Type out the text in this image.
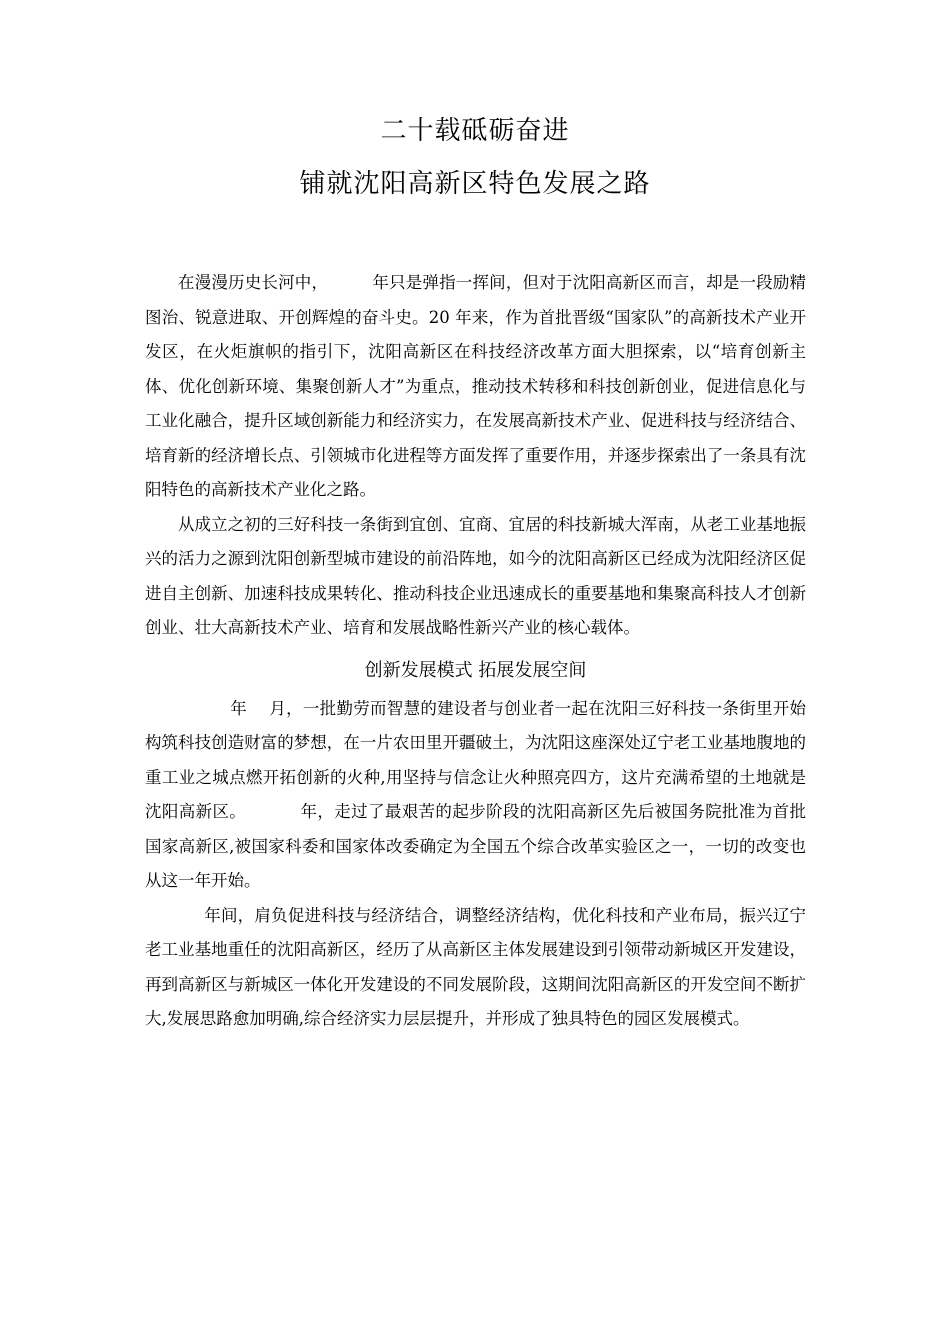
二十载砥砺奋进
铺就沈阳高新区特色发展之路

在漫漫历史长河中，	年只是弹指一挥间，但对于沈阳高新区而言，却是一段励精图治、锐意进取、开创辉煌的奋斗史。20 年来，作为首批晋级“国家队”的高新技术产业开发区，在火炬旗帜的指引下，沈阳高新区在科技经济改革方面大胆探索，以“培育创新主体、优化创新环境、集聚创新人才”为重点，推动技术转移和科技创新创业，促进信息化与工业化融合，提升区域创新能力和经济实力，在发展高新技术产业、促进科技与经济结合、培育新的经济增长点、引领城市化进程等方面发挥了重要作用，并逐步探索出了一条具有沈阳特色的高新技术产业化之路。

从成立之初的三好科技一条街到宜创、宜商、宜居的科技新城大浑南，从老工业基地振兴的活力之源到沈阳创新型城市建设的前沿阵地，如今的沈阳高新区已经成为沈阳经济区促进自主创新、加速科技成果转化、推动科技企业迅速成长的重要基地和集聚高科技人才创新创业、壮大高新技术产业、培育和发展战略性新兴产业的核心载体。

创新发展模式 拓展发展空间

年 月，一批勤劳而智慧的建设者与创业者一起在沈阳三好科技一条街里开始构筑科技创造财富的梦想，在一片农田里开疆破土，为沈阳这座深处辽宁老工业基地腹地的重工业之城点燃开拓创新的火种,用坚持与信念让火种照亮四方，这片充满希望的土地就是沈阳高新区。	年，走过了最艰苦的起步阶段的沈阳高新区先后被国务院批准为首批国家高新区,被国家科委和国家体改委确定为全国五个综合改革实验区之一，一切的改变也从这一年开始。

年间，肩负促进科技与经济结合，调整经济结构，优化科技和产业布局，振兴辽宁老工业基地重任的沈阳高新区，经历了从高新区主体发展建设到引领带动新城区开发建设，再到高新区与新城区一体化开发建设的不同发展阶段，这期间沈阳高新区的开发空间不断扩大,发展思路愈加明确,综合经济实力层层提升，并形成了独具特色的园区发展模式。
